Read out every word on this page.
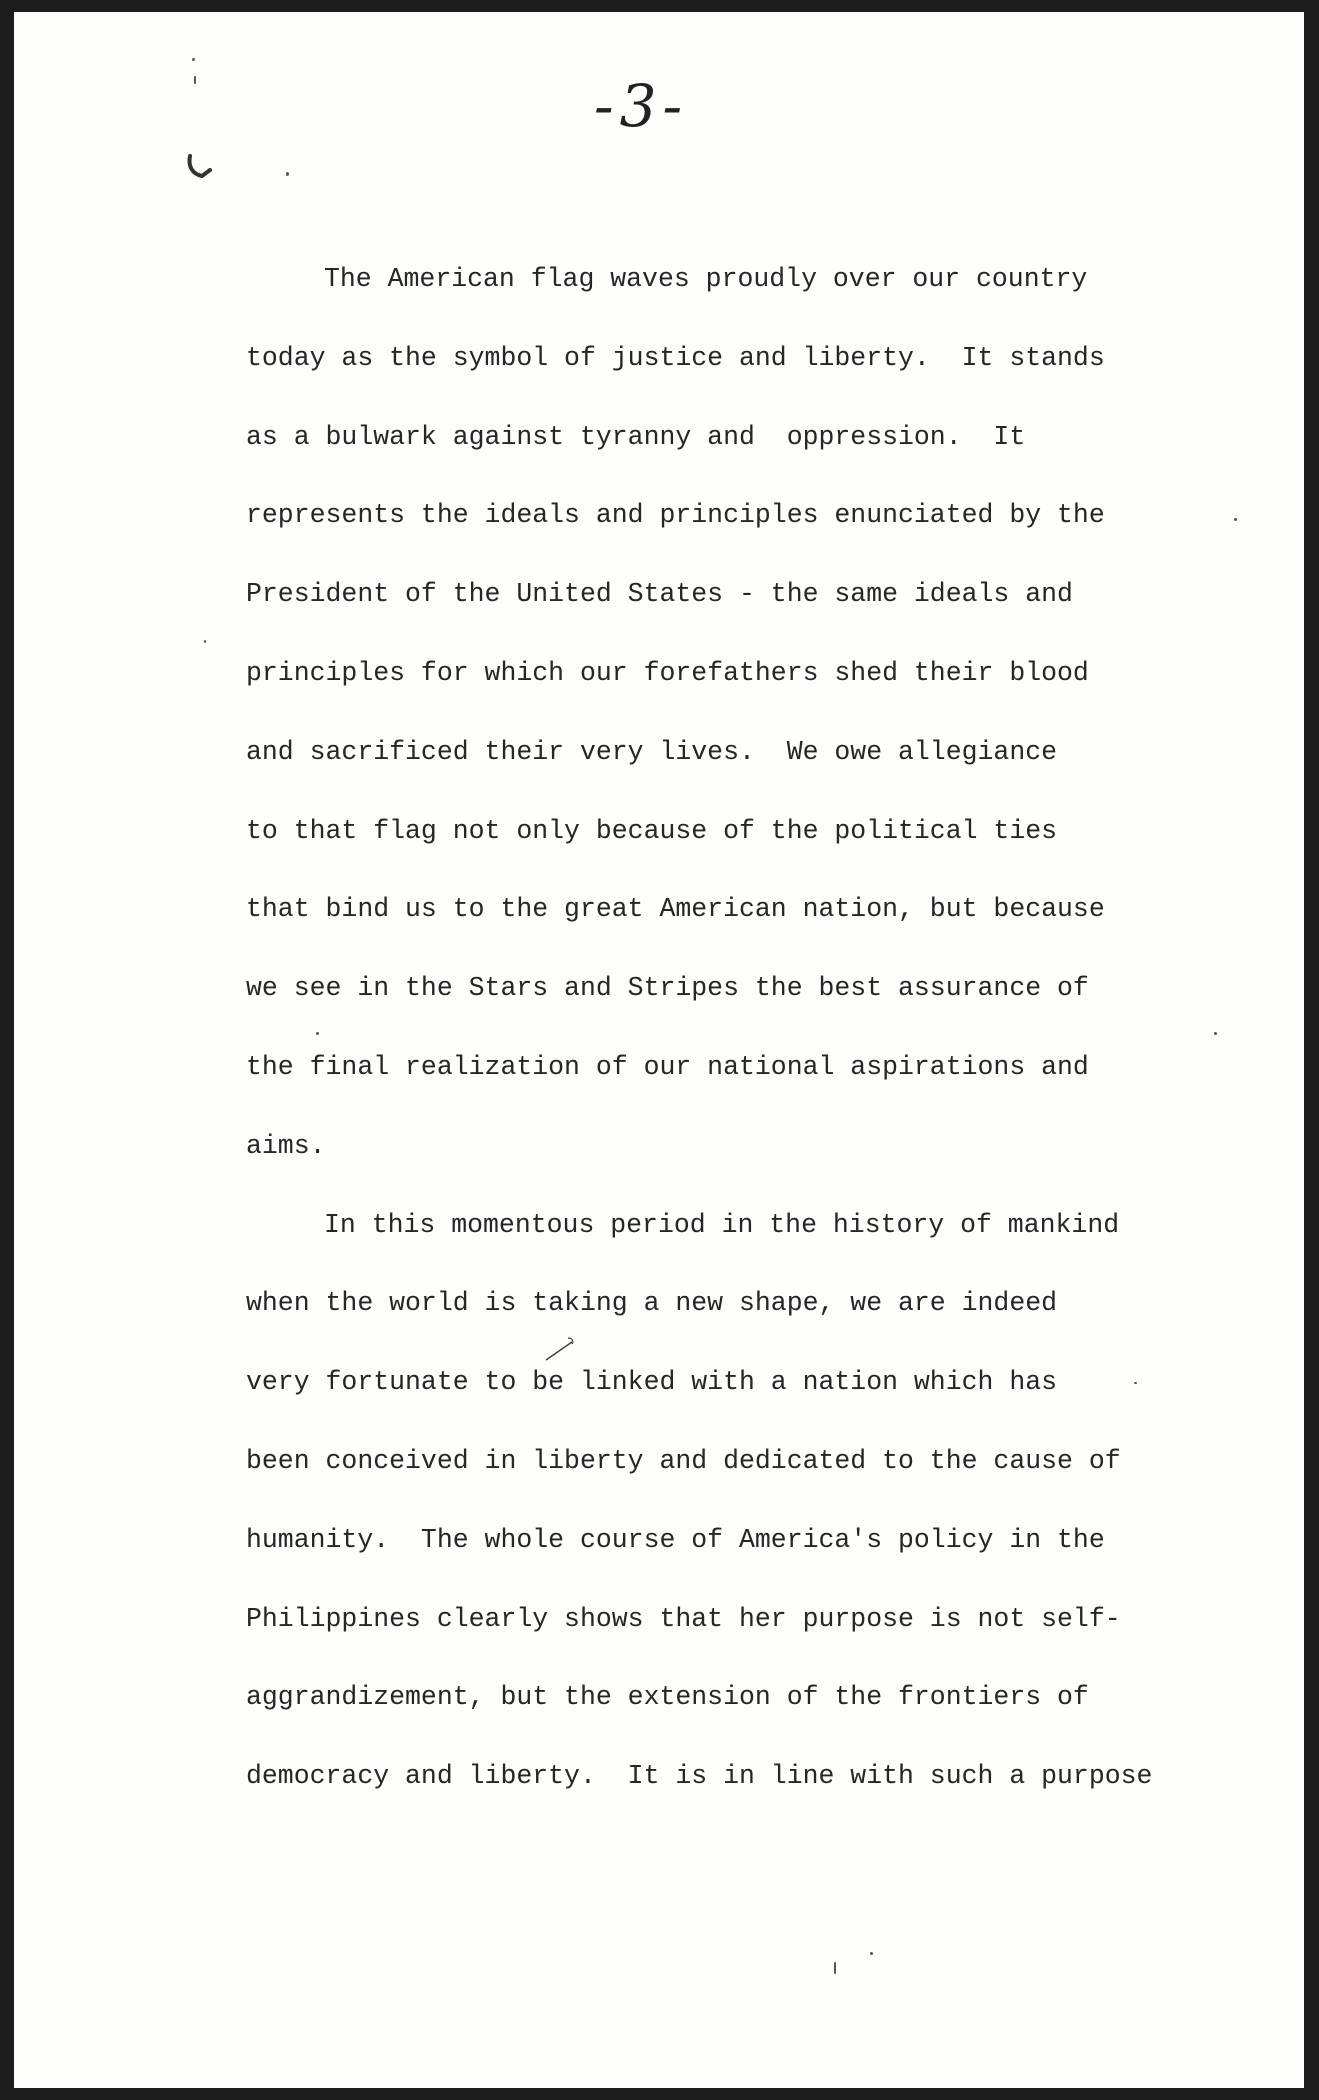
-3-

The American flag waves proudly over our country
today as the symbol of justice and liberty.  It stands
as a bulwark against tyranny and  oppression.  It
represents the ideals and principles enunciated by the
President of the United States - the same ideals and
principles for which our forefathers shed their blood
and sacrificed their very lives.  We owe allegiance
to that flag not only because of the political ties
that bind us to the great American nation, but because
we see in the Stars and Stripes the best assurance of
the final realization of our national aspirations and
aims.

In this momentous period in the history of mankind
when the world is taking a new shape, we are indeed
very fortunate to be linked with a nation which has
been conceived in liberty and dedicated to the cause of
humanity.  The whole course of America's policy in the
Philippines clearly shows that her purpose is not self-
aggrandizement, but the extension of the frontiers of
democracy and liberty.  It is in line with such a purpose
